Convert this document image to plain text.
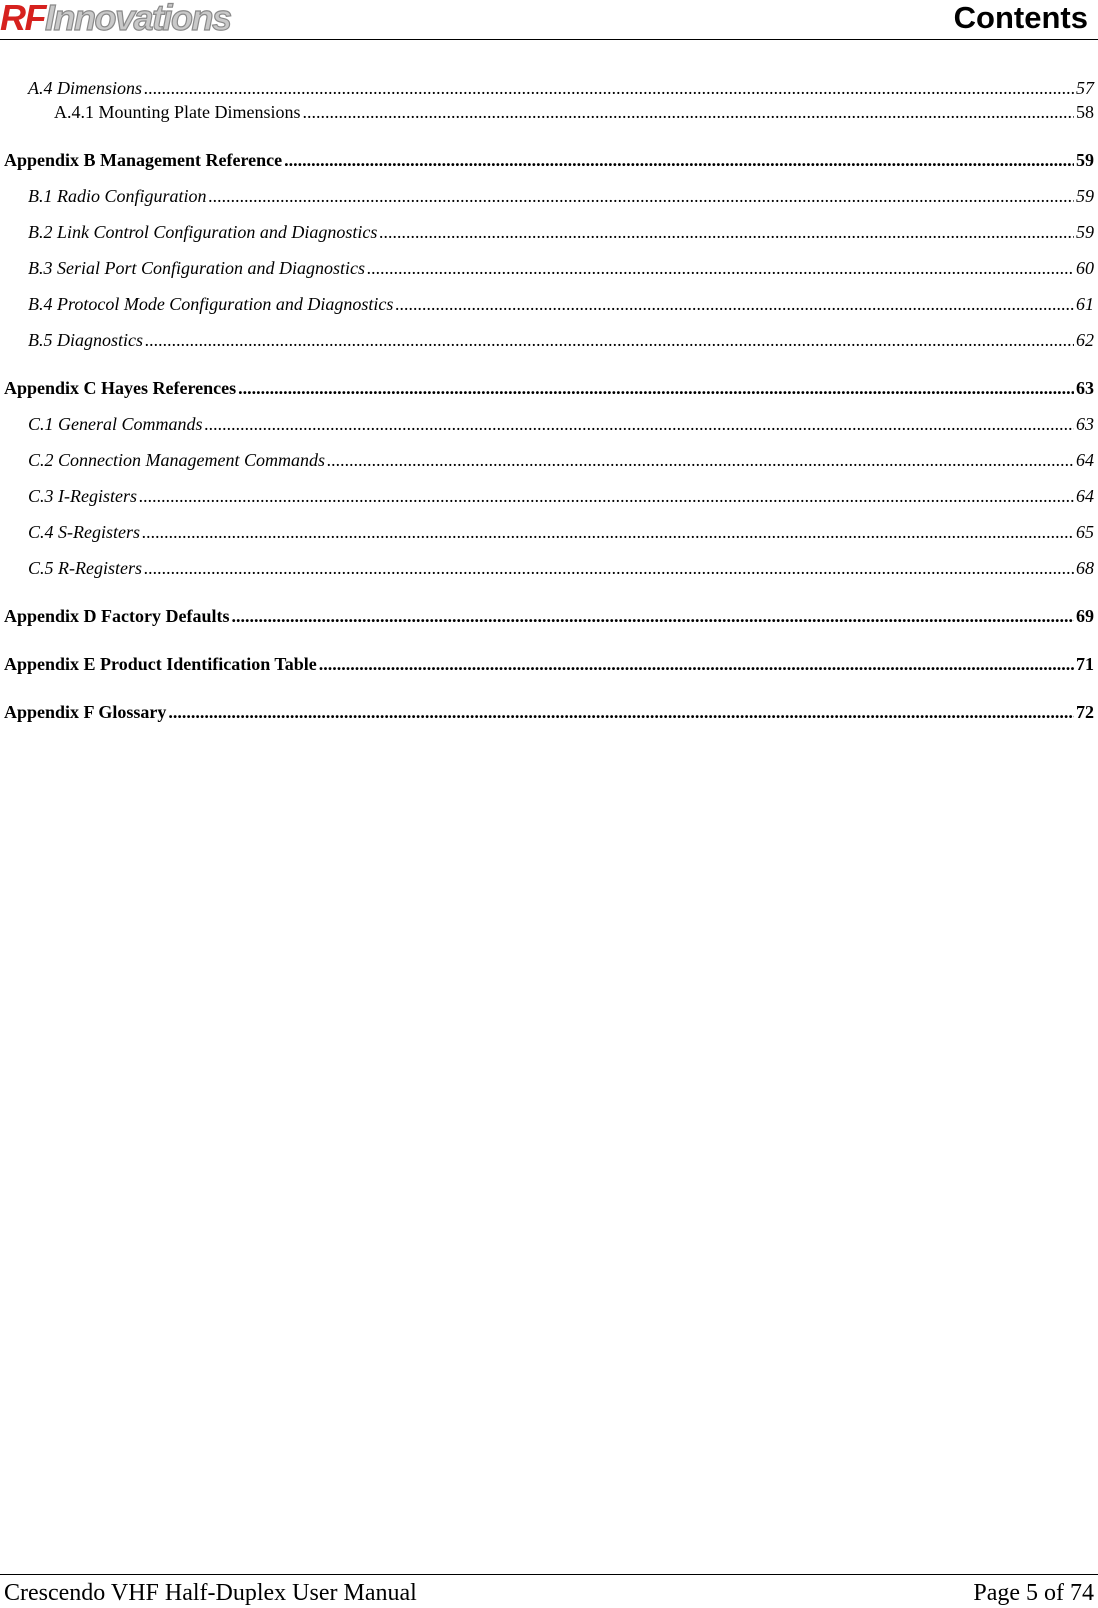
RFInnovations	Contents
A.4 Dimensions .....	57
A.4.1 Mounting Plate Dimensions .....	58
Appendix B Management Reference .....	59
B.1 Radio Configuration .....	59
B.2 Link Control Configuration and Diagnostics .....	59
B.3 Serial Port Configuration and Diagnostics .....	60
B.4 Protocol Mode Configuration and Diagnostics .....	61
B.5 Diagnostics .....	62
Appendix C Hayes References .....	63
C.1 General Commands .....	63
C.2 Connection Management Commands .....	64
C.3 I-Registers .....	64
C.4 S-Registers .....	65
C.5 R-Registers .....	68
Appendix D Factory Defaults .....	69
Appendix E Product Identification Table .....	71
Appendix F Glossary .....	72
Crescendo VHF Half-Duplex User Manual	Page 5 of 74
